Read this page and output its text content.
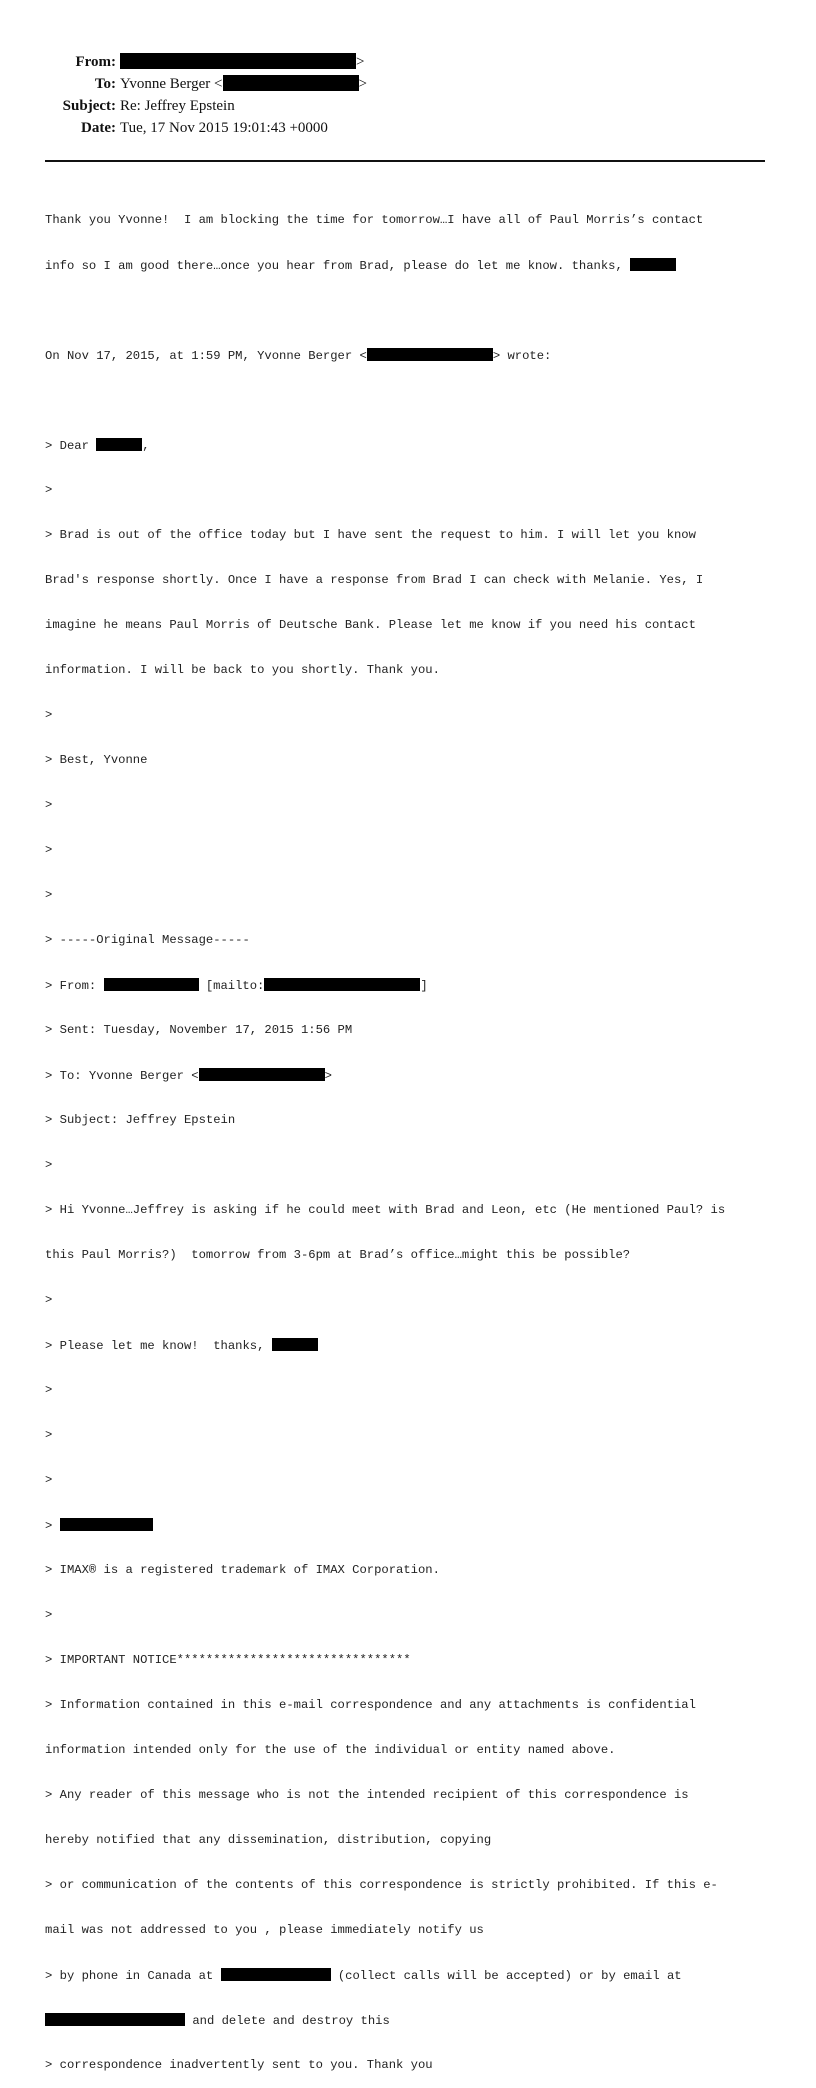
From:	>
To: Yvonne Berger <	>
Subject: Re: Jeffrey Epstein
Date: Tue, 17 Nov 2015 19:01:43 +0000

Thank you Yvonne!  I am blocking the time for tomorrow…I have all of Paul Morris’s contact

info so I am good there…once you hear from Brad, please do let me know. thanks,

On Nov 17, 2015, at 1:59 PM, Yvonne Berger <	> wrote:

> Dear	,

>

> Brad is out of the office today but I have sent the request to him. I will let you know

Brad's response shortly. Once I have a response from Brad I can check with Melanie. Yes, I

imagine he means Paul Morris of Deutsche Bank. Please let me know if you need his contact

information. I will be back to you shortly. Thank you.

>

> Best, Yvonne

>

>

>

> -----Original Message-----

> From:	[mailto:	]

> Sent: Tuesday, November 17, 2015 1:56 PM

> To: Yvonne Berger <	>

> Subject: Jeffrey Epstein

>

> Hi Yvonne…Jeffrey is asking if he could meet with Brad and Leon, etc (He mentioned Paul? is

this Paul Morris?)  tomorrow from 3-6pm at Brad’s office…might this be possible?

>

> Please let me know!  thanks,

>

>

>

>

> IMAX® is a registered trademark of IMAX Corporation.

>

> IMPORTANT NOTICE********************************

> Information contained in this e-mail correspondence and any attachments is confidential

information intended only for the use of the individual or entity named above.

> Any reader of this message who is not the intended recipient of this correspondence is

hereby notified that any dissemination, distribution, copying

> or communication of the contents of this correspondence is strictly prohibited. If this e-

mail was not addressed to you , please immediately notify us

> by phone in Canada at	(collect calls will be accepted) or by email at

and delete and destroy this

> correspondence inadvertently sent to you. Thank you
